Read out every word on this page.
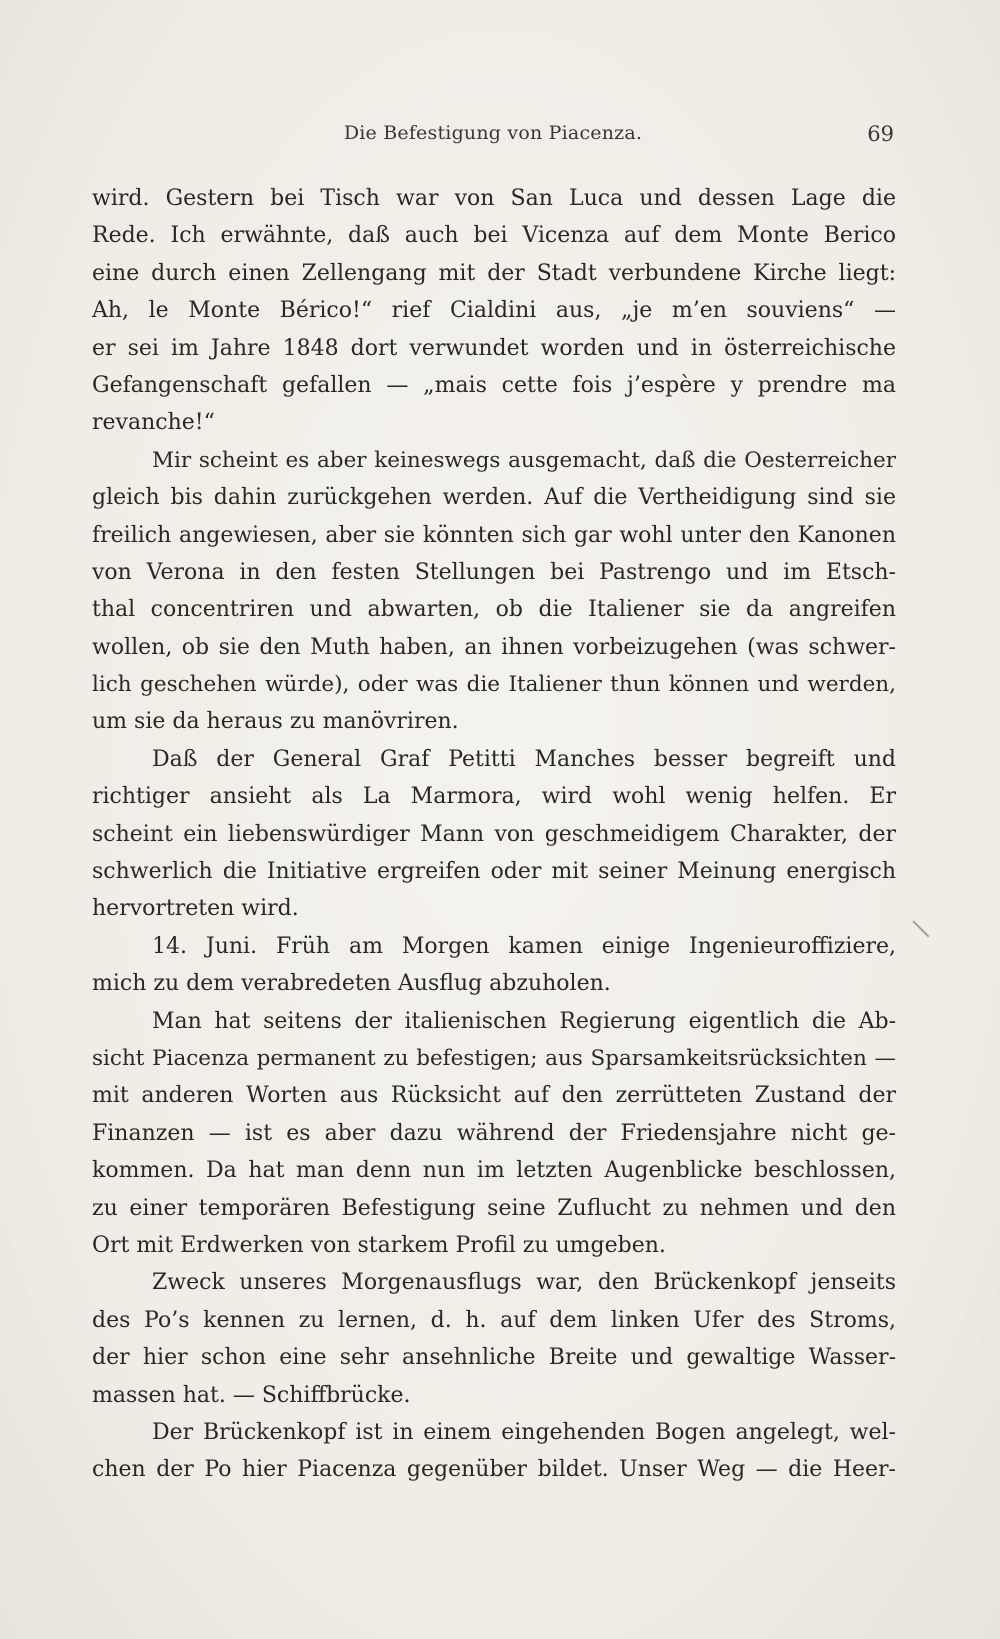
Die Befestigung von Piacenza.	69
wird. Gestern bei Tisch war von San Luca und dessen Lage die
Rede. Ich erwähnte, daß auch bei Vicenza auf dem Monte Berico
eine durch einen Zellengang mit der Stadt verbundene Kirche liegt:
Ah, le Monte Bérico!“ rief Cialdini aus, „je m’en souviens“ —
er sei im Jahre 1848 dort verwundet worden und in österreichische
Gefangenschaft gefallen — „mais cette fois j’espère y prendre ma
revanche!“
Mir scheint es aber keineswegs ausgemacht, daß die Oesterreicher
gleich bis dahin zurückgehen werden. Auf die Vertheidigung sind sie
freilich angewiesen, aber sie könnten sich gar wohl unter den Kanonen
von Verona in den festen Stellungen bei Pastrengo und im Etsch-
thal concentriren und abwarten, ob die Italiener sie da angreifen
wollen, ob sie den Muth haben, an ihnen vorbeizugehen (was schwer-
lich geschehen würde), oder was die Italiener thun können und werden,
um sie da heraus zu manövriren.
Daß der General Graf Petitti Manches besser begreift und
richtiger ansieht als La Marmora, wird wohl wenig helfen. Er
scheint ein liebenswürdiger Mann von geschmeidigem Charakter, der
schwerlich die Initiative ergreifen oder mit seiner Meinung energisch
hervortreten wird.
14. Juni. Früh am Morgen kamen einige Ingenieuroffiziere,
mich zu dem verabredeten Ausflug abzuholen.
Man hat seitens der italienischen Regierung eigentlich die Ab-
sicht Piacenza permanent zu befestigen; aus Sparsamkeitsrücksichten —
mit anderen Worten aus Rücksicht auf den zerrütteten Zustand der
Finanzen — ist es aber dazu während der Friedensjahre nicht ge-
kommen. Da hat man denn nun im letzten Augenblicke beschlossen,
zu einer temporären Befestigung seine Zuflucht zu nehmen und den
Ort mit Erdwerken von starkem Profil zu umgeben.
Zweck unseres Morgenausflugs war, den Brückenkopf jenseits
des Po’s kennen zu lernen, d. h. auf dem linken Ufer des Stroms,
der hier schon eine sehr ansehnliche Breite und gewaltige Wasser-
massen hat. — Schiffbrücke.
Der Brückenkopf ist in einem eingehenden Bogen angelegt, wel-
chen der Po hier Piacenza gegenüber bildet. Unser Weg — die Heer-
